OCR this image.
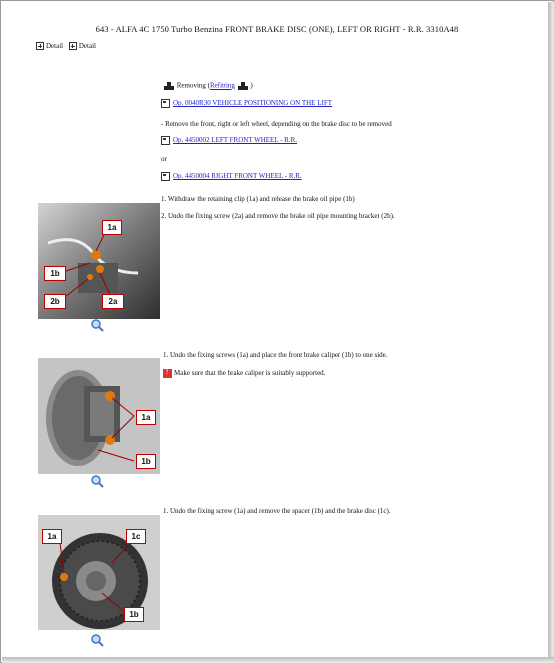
643 - ALFA 4C 1750 Turbo Benzina FRONT BRAKE DISC (ONE), LEFT OR RIGHT - R.R. 3310A48
Detail
Detail
Removing (Refitting )
Op. 0040R30 VEHICLE POSITIONING ON THE LIFT
- Remove the front, right or left wheel, depending on the brake disc to be removed
Op. 4450002 LEFT FRONT WHEEL - R.R.
or
Op. 4450004 RIGHT FRONT WHEEL - R.R.
1. Withdraw the retaining clip (1a) and release the brake oil pipe (1b)
2. Undo the fixing screw (2a) and remove the brake oil pipe mounting bracket (2b).
1a
1b
2b	2a
1. Undo the fixing screws (1a) and place the front brake caliper (1b) to one side.
!Make sure that the brake caliper is suitably supported.
1a
1b
1. Undo the fixing screw (1a) and remove the spacer (1b) and the brake disc (1c).
1a	1c
1b
